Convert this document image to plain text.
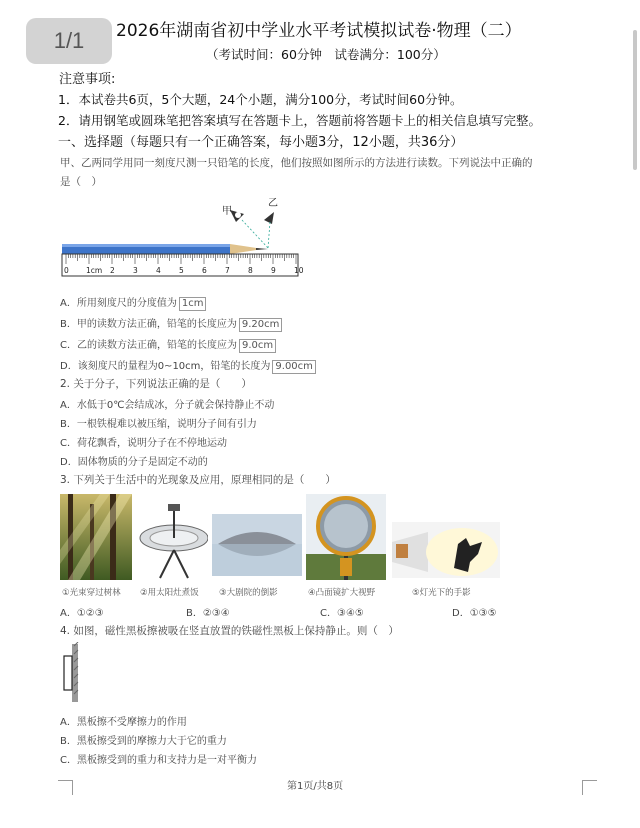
1/1	2026年湖南省初中学业水平考试模拟试卷·物理（二）
（考试时间：60分钟　试卷满分：100分）
注意事项:
1．本试卷共6页，5个大题，24个小题，满分100分，考试时间60分钟。
2．请用钢笔或圆珠笔把答案填写在答题卡上，答题前将答题卡上的相关信息填写完整。
一、选择题（每题只有一个正确答案，每小题3分，12小题，共36分）
甲、乙两同学用同一刻度尺测一只铅笔的长度，他们按照如图所示的方法进行读数。下列说法中正确的
是（　）
甲
乙
0 1cm 2 3 4 5 6 7 8 9 10
A．所用刻度尺的分度值为 1cm
B．甲的读数方法正确，铅笔的长度应为 9.20cm
C．乙的读数方法正确，铅笔的长度应为 9.0cm
D．该刻度尺的量程为0~10cm，铅笔的长度为 9.00cm
2. 关于分子，下列说法正确的是（　　）
A．水低于0℃会结成冰，分子就会保持静止不动
B．一根铁棍难以被压缩，说明分子间有引力
C．荷花飘香，说明分子在不停地运动
D．固体物质的分子是固定不动的
3. 下列关于生活中的光现象及应用，原理相同的是（　　）
①光束穿过树林 ②用太阳灶煮饭 ③大剧院的倒影	④凸面镜扩大视野	⑤灯光下的手影
A．①②③	B．②③④	C．③④⑤	D．①③⑤
4. 如图，磁性黑板擦被吸在竖直放置的铁磁性黑板上保持静止。则（　）
A．黑板擦不受摩擦力的作用
B．黑板擦受到的摩擦力大于它的重力
C．黑板擦受到的重力和支持力是一对平衡力
第1页/共8页
